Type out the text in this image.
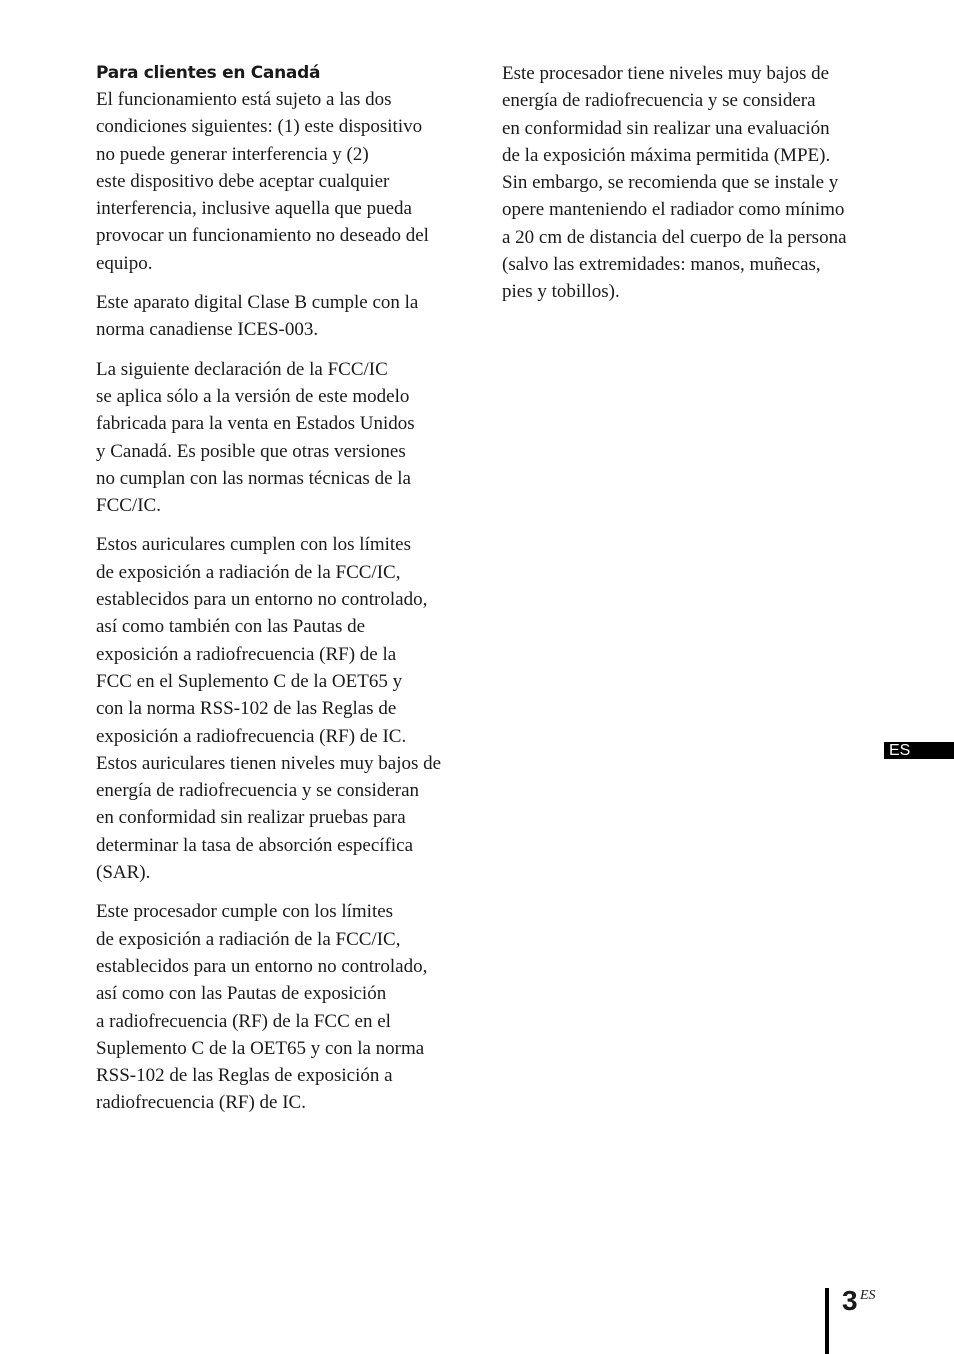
Para clientes en Canadá

El funcionamiento está sujeto a las dos
condiciones siguientes: (1) este dispositivo
no puede generar interferencia y (2)
este dispositivo debe aceptar cualquier
interferencia, inclusive aquella que pueda
provocar un funcionamiento no deseado del
equipo.

Este aparato digital Clase B cumple con la
norma canadiense ICES-003.

La siguiente declaración de la FCC/IC
se aplica sólo a la versión de este modelo
fabricada para la venta en Estados Unidos
y Canadá. Es posible que otras versiones
no cumplan con las normas técnicas de la
FCC/IC.

Estos auriculares cumplen con los límites
de exposición a radiación de la FCC/IC,
establecidos para un entorno no controlado,
así como también con las Pautas de
exposición a radiofrecuencia (RF) de la
FCC en el Suplemento C de la OET65 y
con la norma RSS-102 de las Reglas de
exposición a radiofrecuencia (RF) de IC.
Estos auriculares tienen niveles muy bajos de
energía de radiofrecuencia y se consideran
en conformidad sin realizar pruebas para
determinar la tasa de absorción específica
(SAR).

Este procesador cumple con los límites
de exposición a radiación de la FCC/IC,
establecidos para un entorno no controlado,
así como con las Pautas de exposición
a radiofrecuencia (RF) de la FCC en el
Suplemento C de la OET65 y con la norma
RSS-102 de las Reglas de exposición a
radiofrecuencia (RF) de IC.

Este procesador tiene niveles muy bajos de
energía de radiofrecuencia y se considera
en conformidad sin realizar una evaluación
de la exposición máxima permitida (MPE).
Sin embargo, se recomienda que se instale y
opere manteniendo el radiador como mínimo
a 20 cm de distancia del cuerpo de la persona
(salvo las extremidades: manos, muñecas,
pies y tobillos).

ES
3 ES
